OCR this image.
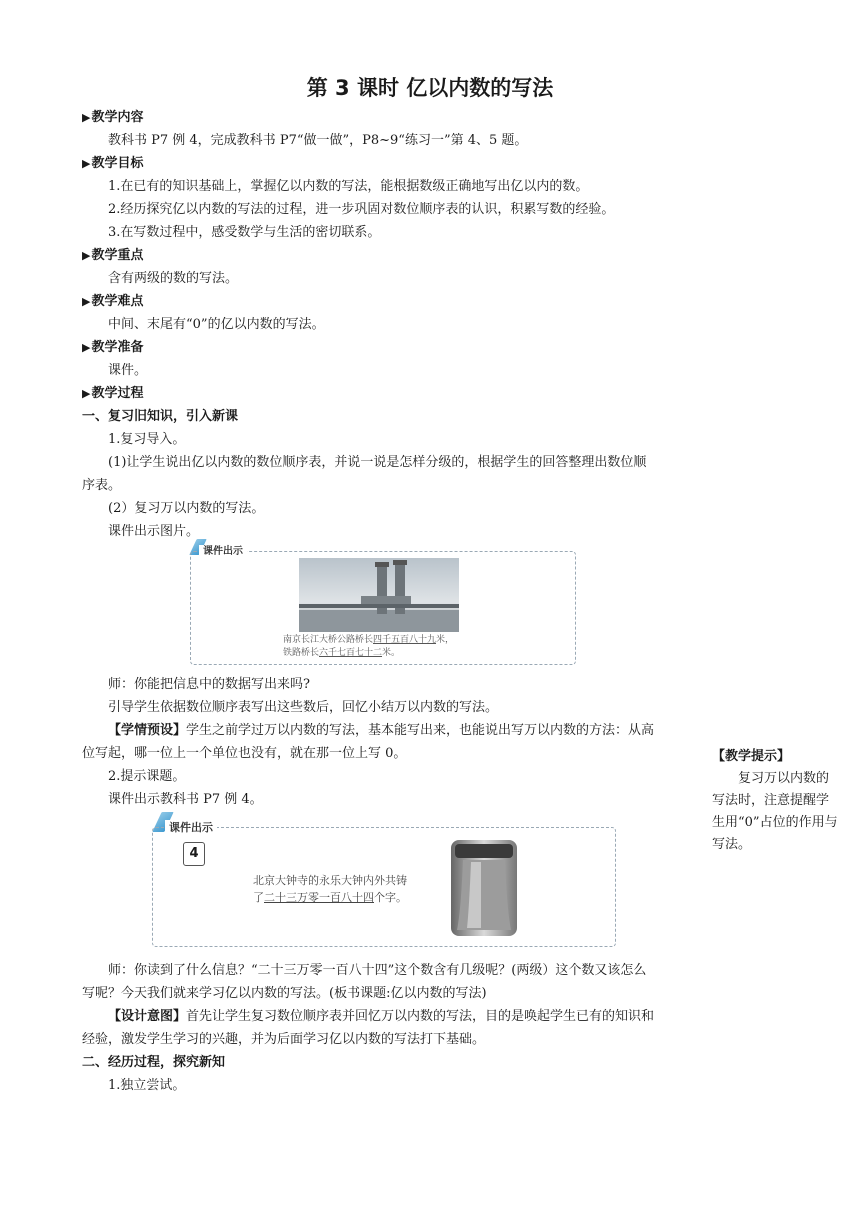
第 3 课时 亿以内数的写法

▶教学内容

教科书 P7 例 4，完成教科书 P7“做一做”，P8~9“练习一”第 4、5 题。

▶教学目标

1.在已有的知识基础上，掌握亿以内数的写法，能根据数级正确地写出亿以内的数。

2.经历探究亿以内数的写法的过程，进一步巩固对数位顺序表的认识，积累写数的经验。

3.在写数过程中，感受数学与生活的密切联系。

▶教学重点

含有两级的数的写法。

▶教学难点

中间、末尾有“0”的亿以内数的写法。

▶教学准备

课件。

▶教学过程

一、复习旧知识，引入新课

1.复习导入。

(1)让学生说出亿以内数的数位顺序表，并说一说是怎样分级的，根据学生的回答整理出数位顺序表。

(2）复习万以内数的写法。

课件出示图片。

课件出示
南京长江大桥公路桥长四千五百八十九米，
铁路桥长六千七百七十二米。

师：你能把信息中的数据写出来吗?

引导学生依据数位顺序表写出这些数后，回忆小结万以内数的写法。

【学情预设】学生之前学过万以内数的写法，基本能写出来，也能说出写万以内数的方法：从高位写起，哪一位上一个单位也没有，就在那一位上写 0。

2.提示课题。

课件出示教科书 P7 例 4。

课件出示
4
北京大钟寺的永乐大钟内外共铸
了二十三万零一百八十四个字。

师：你读到了什么信息？“二十三万零一百八十四”这个数含有几级呢？(两级）这个数又该怎么写呢？今天我们就来学习亿以内数的写法。(板书课题:亿以内数的写法)

【设计意图】首先让学生复习数位顺序表并回忆万以内数的写法，目的是唤起学生已有的知识和经验，激发学生学习的兴趣，并为后面学习亿以内数的写法打下基础。

二、经历过程，探究新知

1.独立尝试。

【教学提示】

复习万以内数的写法时，注意提醒学生用“0”占位的作用与写法。
